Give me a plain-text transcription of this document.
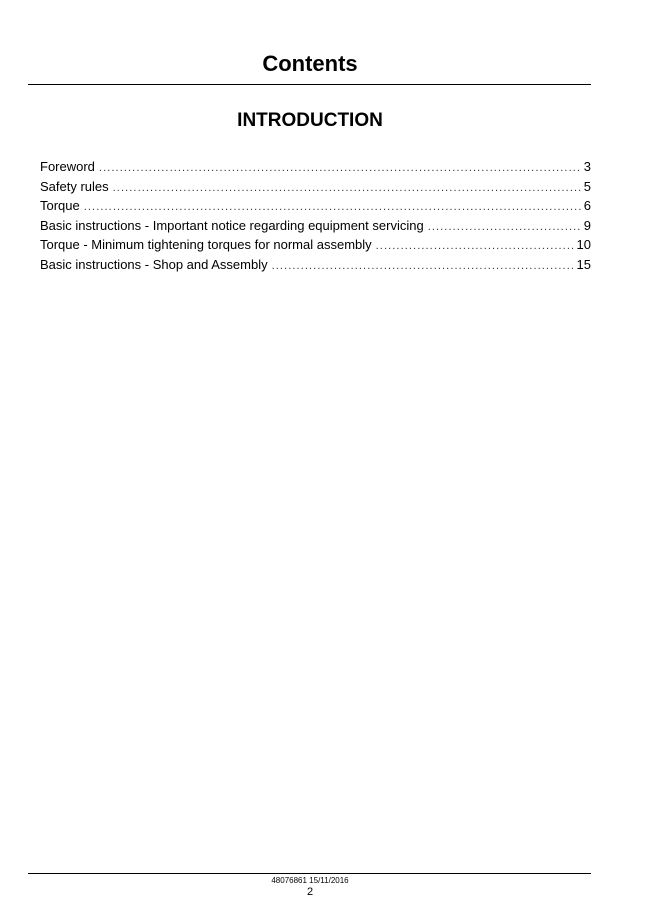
Contents
INTRODUCTION
Foreword .....	3
Safety rules .....	5
Torque .....	6
Basic instructions - Important notice regarding equipment servicing .....	9
Torque - Minimum tightening torques for normal assembly .....	10
Basic instructions - Shop and Assembly .....	15
48076861 15/11/2016
2
